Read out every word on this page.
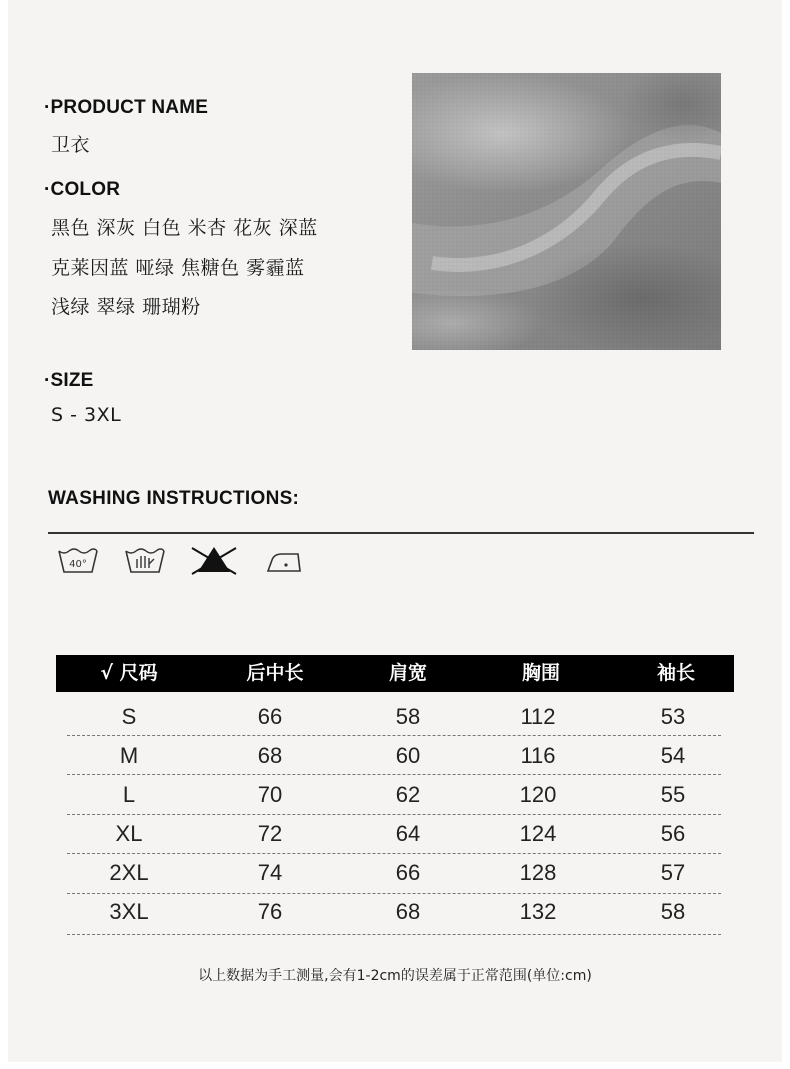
·PRODUCT NAME
卫衣
·COLOR
黑色 深灰 白色 米杏 花灰 深蓝
克莱因蓝 哑绿 焦糖色 雾霾蓝
浅绿 翠绿 珊瑚粉
·SIZE
S - 3XL
WASHING INSTRUCTIONS:
40°
√ 尺码	后中长	肩宽	胸围	袖长
S	66	58	112	53
M	68	60	116	54
L	70	62	120	55
XL	72	64	124	56
2XL	74	66	128	57
3XL	76	68	132	58
以上数据为手工测量,会有1-2cm的误差属于正常范围(单位:cm)
